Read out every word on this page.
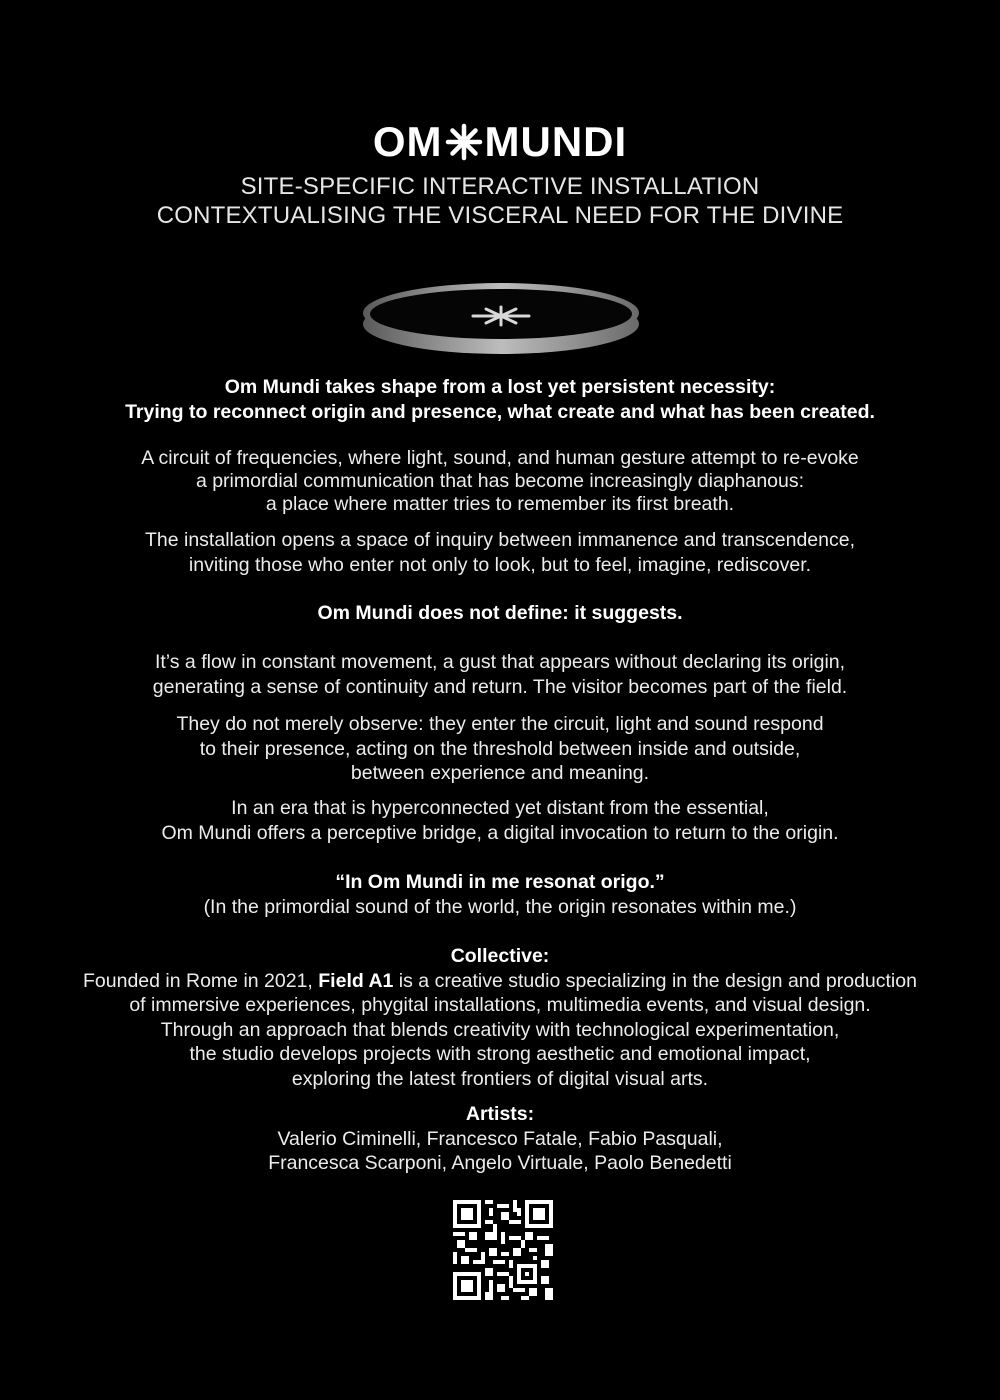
OM MUNDI
SITE-SPECIFIC INTERACTIVE INSTALLATION
CONTEXTUALISING THE VISCERAL NEED FOR THE DIVINE
Om Mundi takes shape from a lost yet persistent necessity:
Trying to reconnect origin and presence, what create and what has been created.
A circuit of frequencies, where light, sound, and human gesture attempt to re-evoke
a primordial communication that has become increasingly diaphanous:
a place where matter tries to remember its first breath.
The installation opens a space of inquiry between immanence and transcendence,
inviting those who enter not only to look, but to feel, imagine, rediscover.
Om Mundi does not define: it suggests.
It’s a flow in constant movement, a gust that appears without declaring its origin,
generating a sense of continuity and return. The visitor becomes part of the field.
They do not merely observe: they enter the circuit, light and sound respond
to their presence, acting on the threshold between inside and outside,
between experience and meaning.
In an era that is hyperconnected yet distant from the essential,
Om Mundi offers a perceptive bridge, a digital invocation to return to the origin.
“In Om Mundi in me resonat origo.”
(In the primordial sound of the world, the origin resonates within me.)
Collective:
Founded in Rome in 2021, Field A1 is a creative studio specializing in the design and production
of immersive experiences, phygital installations, multimedia events, and visual design.
Through an approach that blends creativity with technological experimentation,
the studio develops projects with strong aesthetic and emotional impact,
exploring the latest frontiers of digital visual arts.
Artists:
Valerio Ciminelli, Francesco Fatale, Fabio Pasquali,
Francesca Scarponi, Angelo Virtuale, Paolo Benedetti
